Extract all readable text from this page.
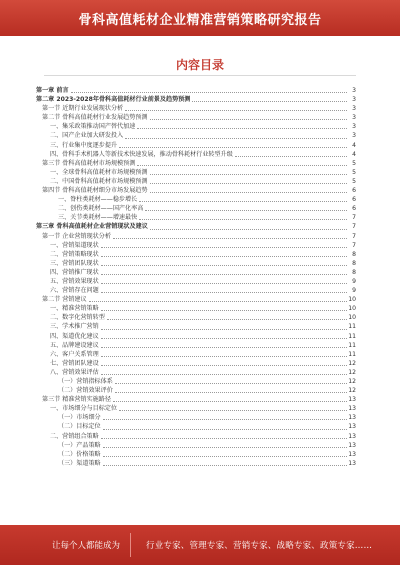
骨科高值耗材企业精准营销策略研究报告
内容目录
第一章 前言	3
第二章 2023-2028年骨科高值耗材行业前景及趋势预测	3
第一节 近期行业发展现状分析	3
第二节 骨科高值耗材行业发展趋势预测	3
一、集采政策推动国产替代加速	3
二、国产企业加大研发投入	3
三、行业集中度逐步提升	4
四、骨科手术机器人等新技术快速发展，推动骨科耗材行业转型升级	4
第三节 骨科高值耗材市场规模预测	5
一、全球骨科高值耗材市场规模预测	5
二、中国骨科高值耗材市场规模预测	5
第四节 骨科高值耗材细分市场发展趋势	6
一、脊柱类耗材——稳步增长	6
二、创伤类耗材——国产化率高	6
三、关节类耗材——增速最快	7
第三章 骨科高值耗材企业营销现状及建议	7
第一节 企业营销现状分析	7
一、营销渠道现状	7
二、营销策略现状	8
三、营销团队现状	8
四、营销推广现状	8
五、营销效果现状	9
六、营销存在问题	9
第二节 营销建议	10
一、精准营销策略	10
二、数字化营销转型	10
三、学术推广营销	11
四、渠道优化建议	11
五、品牌建设建议	11
六、客户关系管理	11
七、营销团队建设	12
八、营销效果评估	12
（一）营销指标体系	12
（二）营销效果评价	12
第三节 精准营销实施路径	13
一、市场细分与目标定位	13
（一）市场细分	13
（二）目标定位	13
二、营销组合策略	13
（一）产品策略	13
（二）价格策略	13
（三）渠道策略	13
让每个人都能成为	行业专家、管理专家、营销专家、战略专家、政策专家……
